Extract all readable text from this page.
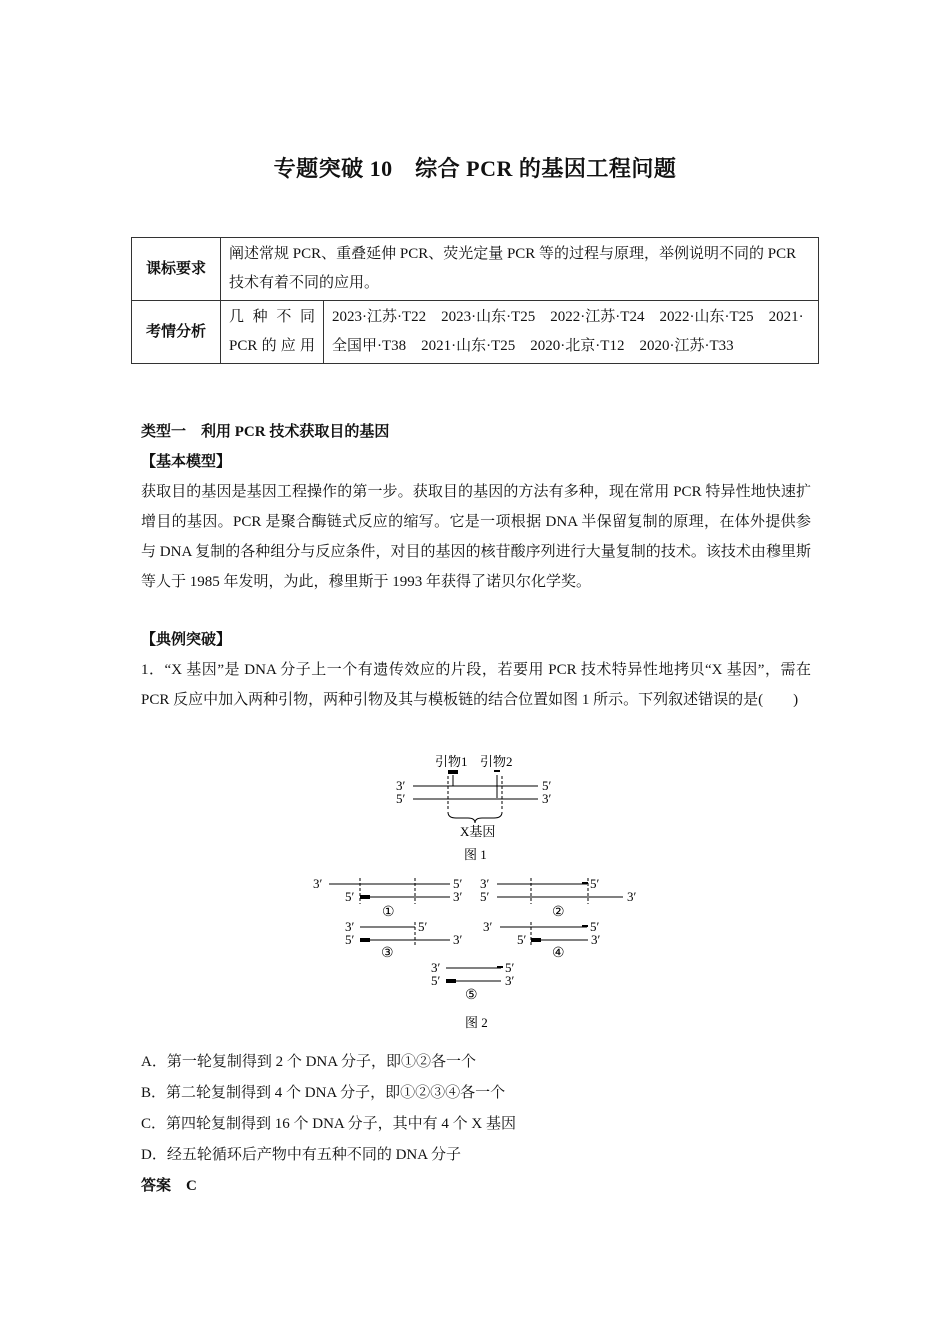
专题突破 10　综合 PCR 的基因工程问题
课标要求	阐述常规 PCR、重叠延伸 PCR、荧光定量 PCR 等的过程与原理，举例说明不同的 PCR 技术有着不同的应用。	
考情分析	几种不同PCR的应用	2023·江苏·T22　2023·山东·T25　2022·江苏·T24　2022·山东·T25　2021·全国甲·T38　2021·山东·T25　2020·北京·T12　2020·江苏·T33
类型一　利用 PCR 技术获取目的基因
【基本模型】
获取目的基因是基因工程操作的第一步。获取目的基因的方法有多种，现在常用 PCR 特异性地快速扩增目的基因。PCR 是聚合酶链式反应的缩写。它是一项根据 DNA 半保留复制的原理，在体外提供参与 DNA 复制的各种组分与反应条件，对目的基因的核苷酸序列进行大量复制的技术。该技术由穆里斯等人于 1985 年发明，为此，穆里斯于 1993 年获得了诺贝尔化学奖。
【典例突破】
1．“X 基因”是 DNA 分子上一个有遗传效应的片段，若要用 PCR 技术特异性地拷贝“X 基因”，需在 PCR 反应中加入两种引物，两种引物及其与模板链的结合位置如图 1 所示。下列叙述错误的是(　　)
引物1 引物2
3′	5′
5′	3′
X基因
图 1
3′	5′
5′	3′
①
3′	5′
5′	3′
②
3′	5′
5′	3′
③
3′	5′
5′	3′
④
3′	5′
5′	3′
⑤
图 2
A．第一轮复制得到 2 个 DNA 分子，即①②各一个
B．第二轮复制得到 4 个 DNA 分子，即①②③④各一个
C．第四轮复制得到 16 个 DNA 分子，其中有 4 个 X 基因
D．经五轮循环后产物中有五种不同的 DNA 分子
答案　C
